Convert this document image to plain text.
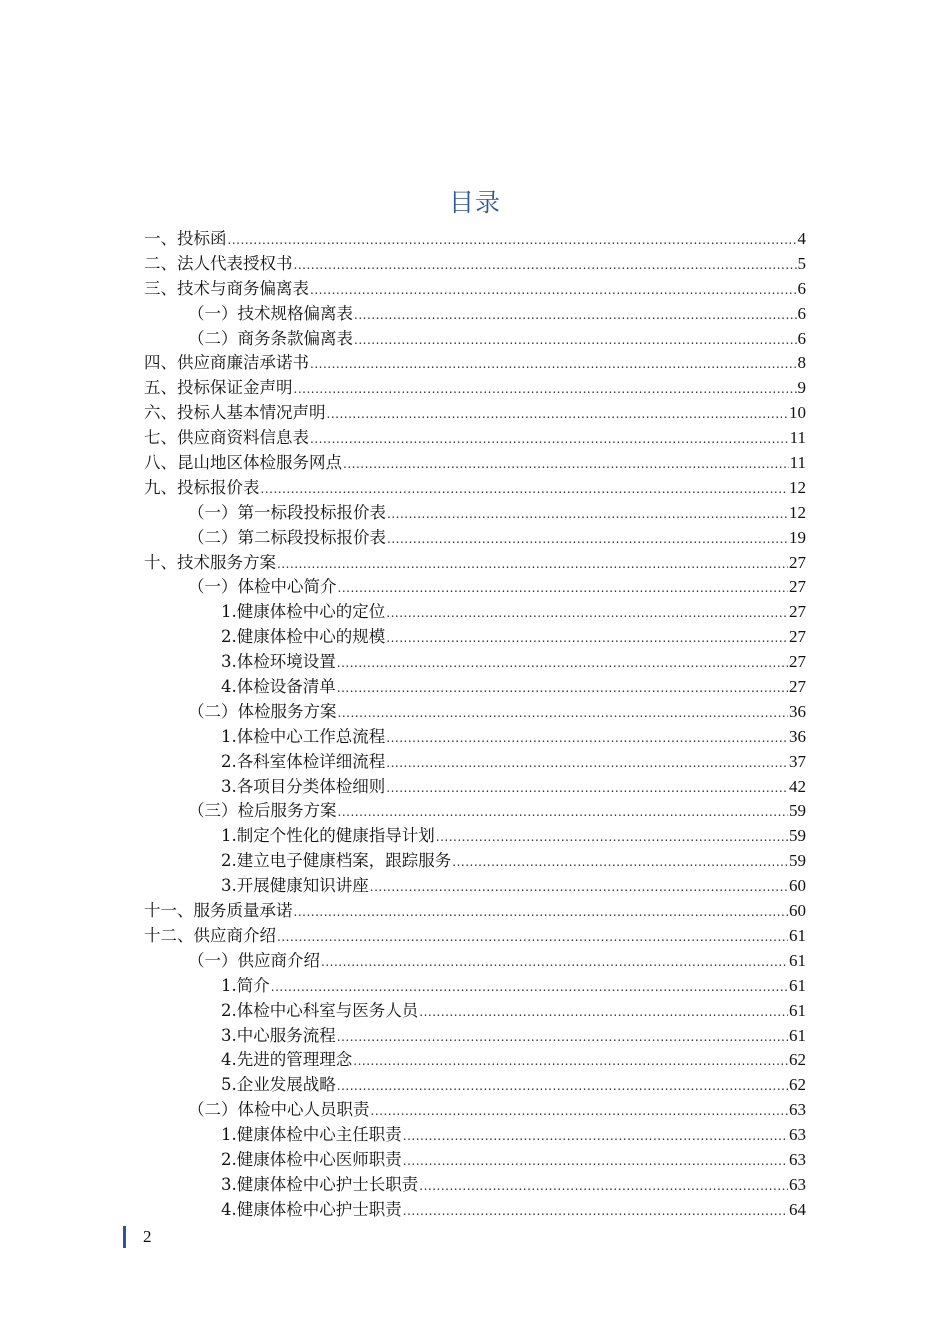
目录
一、投标函 .....	4
二、法人代表授权书 .....	5
三、技术与商务偏离表 .....	6
（一）技术规格偏离表 .....	6
（二）商务条款偏离表 .....	6
四、供应商廉洁承诺书 .....	8
五、投标保证金声明 .....	9
六、投标人基本情况声明 .....	10
七、供应商资料信息表 .....	11
八、昆山地区体检服务网点 .....	11
九、投标报价表 .....	12
（一）第一标段投标报价表 .....	12
（二）第二标段投标报价表 .....	19
十、技术服务方案 .....	27
（一）体检中心简介 .....	27
1.健康体检中心的定位 .....	27
2.健康体检中心的规模 .....	27
3.体检环境设置 .....	27
4.体检设备清单 .....	27
（二）体检服务方案 .....	36
1.体检中心工作总流程 .....	36
2.各科室体检详细流程 .....	37
3.各项目分类体检细则 .....	42
（三）检后服务方案 .....	59
1.制定个性化的健康指导计划 .....	59
2.建立电子健康档案，跟踪服务 .....	59
3.开展健康知识讲座 .....	60
十一、服务质量承诺 .....	60
十二、供应商介绍 .....	61
（一）供应商介绍 .....	61
1.简介 .....	61
2.体检中心科室与医务人员 .....	61
3.中心服务流程 .....	61
4.先进的管理理念 .....	62
5.企业发展战略 .....	62
（二）体检中心人员职责 .....	63
1.健康体检中心主任职责 .....	63
2.健康体检中心医师职责 .....	63
3.健康体检中心护士长职责 .....	63
4.健康体检中心护士职责 .....	64
2
